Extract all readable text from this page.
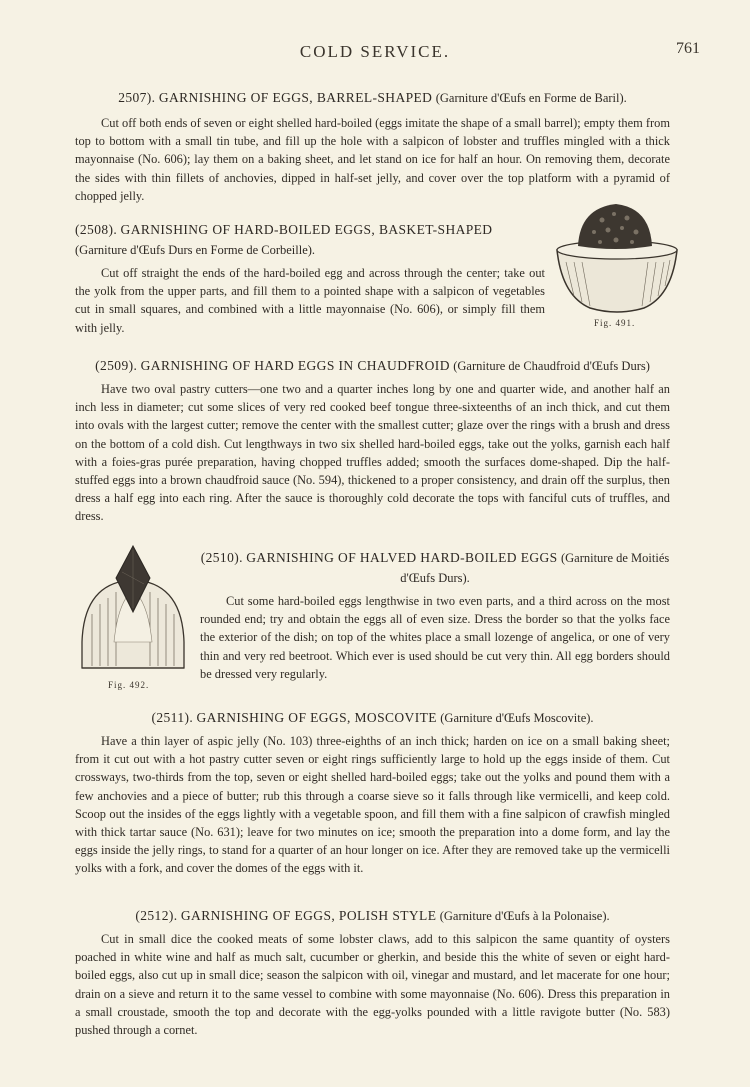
COLD SERVICE.	761

2507). GARNISHING OF EGGS, BARREL-SHAPED (Garniture d'Œufs en Forme de Baril).

Cut off both ends of seven or eight shelled hard-boiled (eggs imitate the shape of a small barrel); empty them from top to bottom with a small tin tube, and fill up the hole with a salpicon of lobster and truffles mingled with a thick mayonnaise (No. 606); lay them on a baking sheet, and let stand on ice for half an hour. On removing them, decorate the sides with thin fillets of anchovies, dipped in half-set jelly, and cover over the top platform with a pyramid of chopped jelly.

(2508). GARNISHING OF HARD-BOILED EGGS, BASKET-SHAPED (Garniture d'Œufs Durs en Forme de Corbeille).

Cut off straight the ends of the hard-boiled egg and across through the center; take out the yolk from the upper parts, and fill them to a pointed shape with a salpicon of vegetables cut in small squares, and combined with a little mayonnaise (No. 606), or simply fill them with jelly.	Fig. 491.

(2509). GARNISHING OF HARD EGGS IN CHAUDFROID (Garniture de Chaudfroid d'Œufs Durs)

Have two oval pastry cutters—one two and a quarter inches long by one and quarter wide, and another half an inch less in diameter; cut some slices of very red cooked beef tongue three-sixteenths of an inch thick, and cut them into ovals with the largest cutter; remove the center with the smallest cutter; glaze over the rings with a brush and dress on the bottom of a cold dish. Cut lengthways in two six shelled hard-boiled eggs, take out the yolks, garnish each half with a foies-gras purée preparation, having chopped truffles added; smooth the surfaces dome-shaped. Dip the half-stuffed eggs into a brown chaudfroid sauce (No. 594), thickened to a proper consistency, and drain off the surplus, then dress a half egg into each ring. After the sauce is thoroughly cold decorate the tops with fanciful cuts of truffles, and dress.

Fig. 492.

(2510). GARNISHING OF HALVED HARD-BOILED EGGS (Garniture de Moitiés d'Œufs Durs).

Cut some hard-boiled eggs lengthwise in two even parts, and a third across on the most rounded end; try and obtain the eggs all of even size. Dress the border so that the yolks face the exterior of the dish; on top of the whites place a small lozenge of angelica, or one of very thin and very red beetroot. Which ever is used should be cut very thin. All egg borders should be dressed very regularly.

(2511). GARNISHING OF EGGS, MOSCOVITE (Garniture d'Œufs Moscovite).

Have a thin layer of aspic jelly (No. 103) three-eighths of an inch thick; harden on ice on a small baking sheet; from it cut out with a hot pastry cutter seven or eight rings sufficiently large to hold up the eggs inside of them. Cut crossways, two-thirds from the top, seven or eight shelled hard-boiled eggs; take out the yolks and pound them with a few anchovies and a piece of butter; rub this through a coarse sieve so it falls through like vermicelli, and keep cold. Scoop out the insides of the eggs lightly with a vegetable spoon, and fill them with a fine salpicon of crawfish mingled with thick tartar sauce (No. 631); leave for two minutes on ice; smooth the preparation into a dome form, and lay the eggs inside the jelly rings, to stand for a quarter of an hour longer on ice. After they are removed take up the vermicelli yolks with a fork, and cover the domes of the eggs with it.

(2512). GARNISHING OF EGGS, POLISH STYLE (Garniture d'Œufs à la Polonaise).

Cut in small dice the cooked meats of some lobster claws, add to this salpicon the same quantity of oysters poached in white wine and half as much salt, cucumber or gherkin, and beside this the white of seven or eight hard-boiled eggs, also cut up in small dice; season the salpicon with oil, vinegar and mustard, and let macerate for one hour; drain on a sieve and return it to the same vessel to combine with some mayonnaise (No. 606). Dress this preparation in a small croustade, smooth the top and decorate with the egg-yolks pounded with a little ravigote butter (No. 583) pushed through a cornet.
